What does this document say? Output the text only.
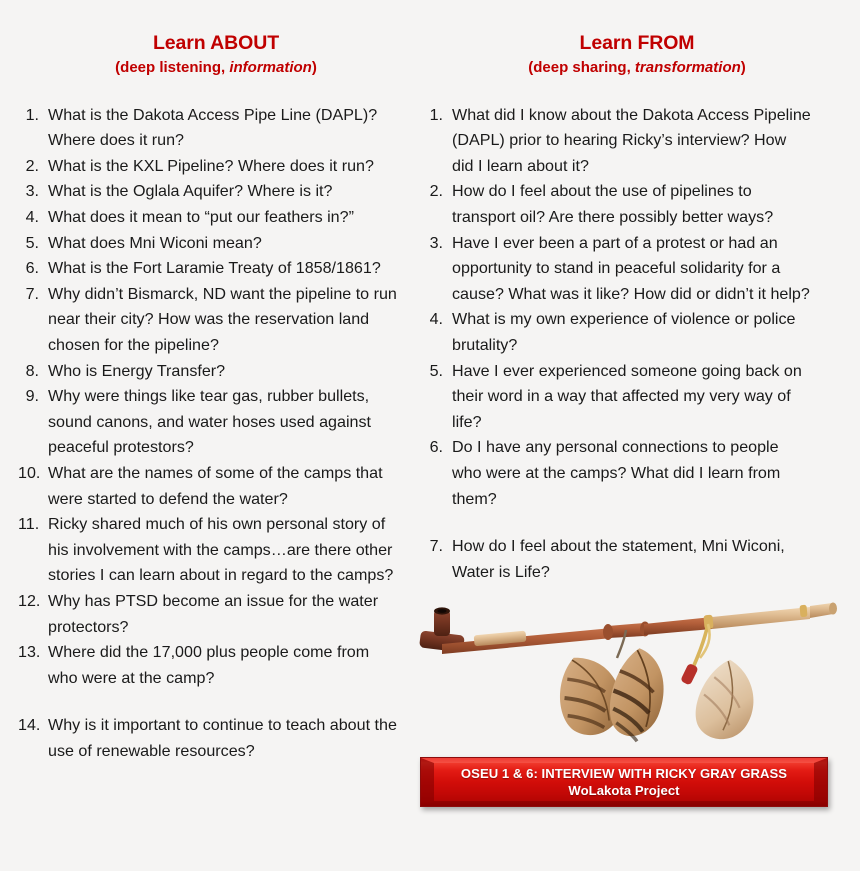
Learn ABOUT
(deep listening, information)
1. What is the Dakota Access Pipe Line (DAPL)? Where does it run?
2. What is the KXL Pipeline? Where does it run?
3. What is the Oglala Aquifer? Where is it?
4. What does it mean to “put our feathers in?”
5. What does Mni Wiconi mean?
6. What is the Fort Laramie Treaty of 1858/1861?
7. Why didn’t Bismarck, ND want the pipeline to run near their city? How was the reservation land chosen for the pipeline?
8. Who is Energy Transfer?
9. Why were things like tear gas, rubber bullets, sound canons, and water hoses used against peaceful protestors?
10. What are the names of some of the camps that were started to defend the water?
11. Ricky shared much of his own personal story of his involvement with the camps…are there other stories I can learn about in regard to the camps?
12. Why has PTSD become an issue for the water protectors?
13. Where did the 17,000 plus people come from who were at the camp?
14. Why is it important to continue to teach about the use of renewable resources?
Learn FROM
(deep sharing, transformation)
1. What did I know about the Dakota Access Pipeline (DAPL) prior to hearing Ricky’s interview? How did I learn about it?
2. How do I feel about the use of pipelines to transport oil? Are there possibly better ways?
3. Have I ever been a part of a protest or had an opportunity to stand in peaceful solidarity for a cause? What was it like? How did or didn’t it help?
4. What is my own experience of violence or police brutality?
5. Have I ever experienced someone going back on their word in a way that affected my very way of life?
6. Do I have any personal connections to people who were at the camps? What did I learn from them?
7. How do I feel about the statement, Mni Wiconi, Water is Life?
OSEU 1 & 6: INTERVIEW WITH RICKY GRAY GRASS
WoLakota Project
